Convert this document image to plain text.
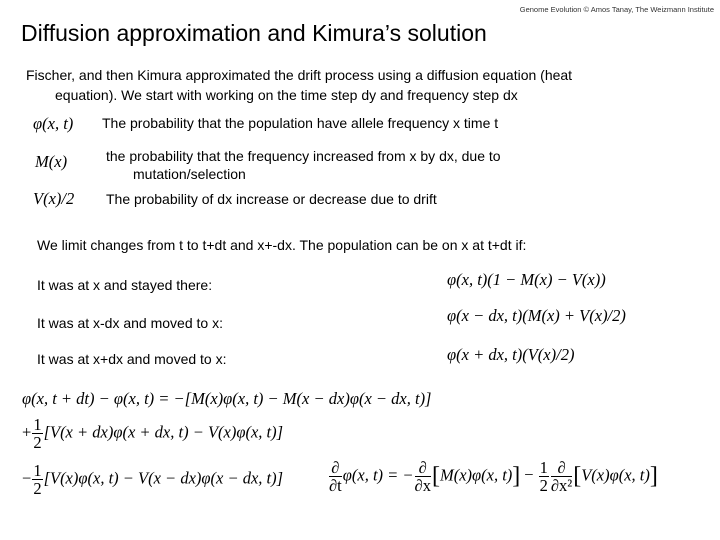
Genome Evolution © Amos Tanay, The Weizmann Institute
Diffusion approximation and Kimura’s solution
Fischer, and then Kimura approximated the drift process using a diffusion equation (heat
equation). We start with working on the time step dy and frequency step dx
φ(x, t) The probability that the population have allele frequency x time t
M(x)	the probability that the frequency increased from x by dx, due to
mutation/selection
V(x)/2 The probability of dx increase or decrease due to drift
We limit changes from t to t+dt and x+-dx. The population can be on x at t+dt if:
It was at x and stayed there:	φ(x, t)(1 − M(x) − V(x))
It was at x-dx and moved to x:	φ(x − dx, t)(M(x) + V(x)/2)
It was at x+dx and moved to x:	φ(x + dx, t)(V(x)/2)
φ(x, t + dt) − φ(x, t) = −[M(x)φ(x, t) − M(x − dx)φ(x − dx, t)]
+ $\frac{1}{2} [V(x + dx)\varphi(x$ + dx, t) − V(x)φ(x, t)]
− $\frac{1}{2} [V(x)\varphi(x$, t) − V(x − dx)φ(x − dx, t)]	$\frac{\partial}{\partial t} \varphi(x$, t) = − $\frac{\partial}{\partial x} [M(x)\varphi(x$, $t)] - \frac{1}{2} \frac{\partial}{\text{∂x²}} [V(x)\varphi(x$, t)]
